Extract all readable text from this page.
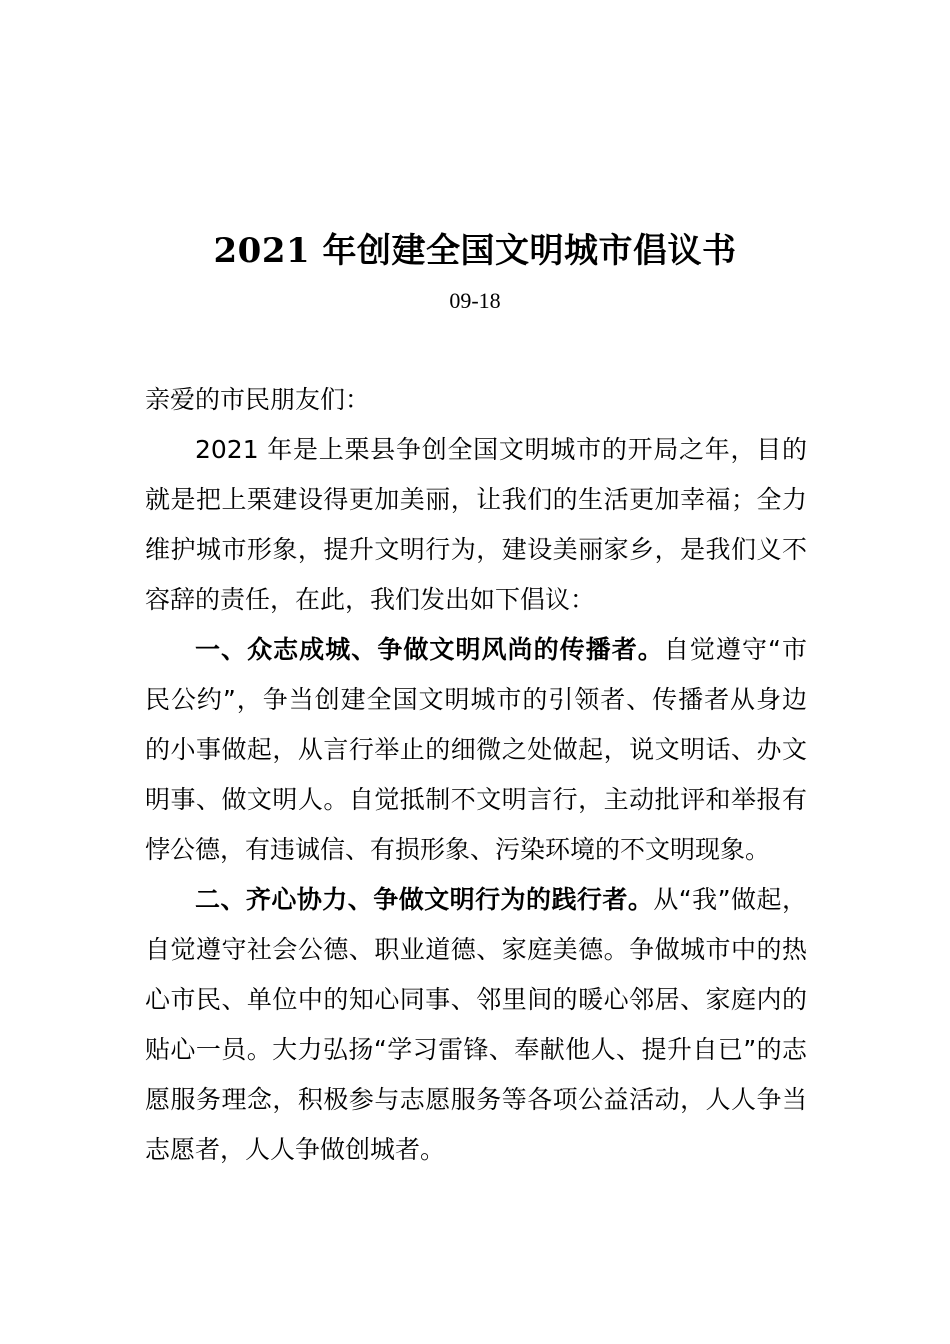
2021 年创建全国文明城市倡议书
09-18

亲爱的市民朋友们：

2021 年是上栗县争创全国文明城市的开局之年，目的就是把上栗建设得更加美丽，让我们的生活更加幸福；全力维护城市形象，提升文明行为，建设美丽家乡，是我们义不容辞的责任，在此，我们发出如下倡议：

一、众志成城、争做文明风尚的传播者。自觉遵守“市民公约”，争当创建全国文明城市的引领者、传播者从身边的小事做起，从言行举止的细微之处做起，说文明话、办文明事、做文明人。自觉抵制不文明言行，主动批评和举报有悖公德，有违诚信、有损形象、污染环境的不文明现象。

二、齐心协力、争做文明行为的践行者。从“我”做起，自觉遵守社会公德、职业道德、家庭美德。争做城市中的热心市民、单位中的知心同事、邻里间的暖心邻居、家庭内的贴心一员。大力弘扬“学习雷锋、奉献他人、提升自已”的志愿服务理念，积极参与志愿服务等各项公益活动，人人争当志愿者，人人争做创城者。
